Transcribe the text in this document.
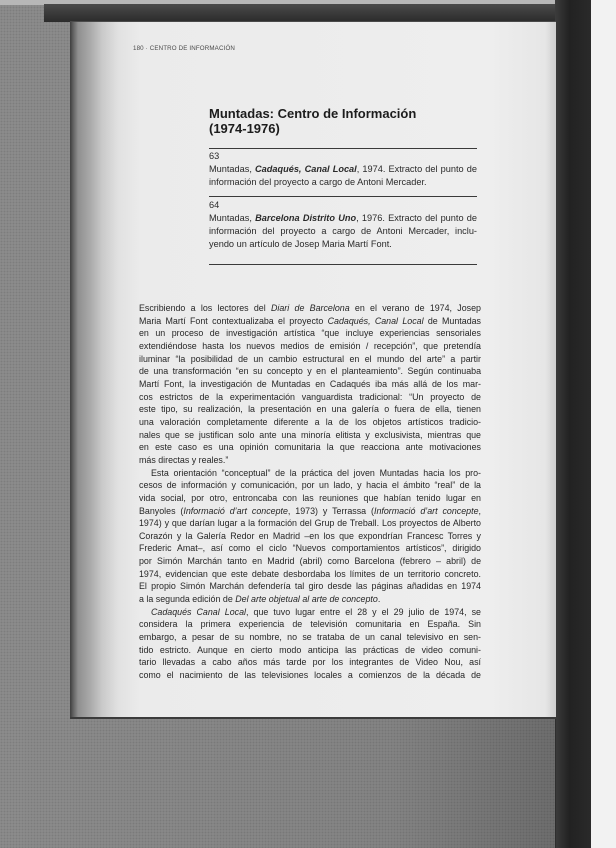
180 · CENTRO DE INFORMACIÓN
Muntadas: Centro de Información
(1974-1976)
63
Muntadas, Cadaqués, Canal Local, 1974. Extracto del punto de
información del proyecto a cargo de Antoni Mercader.
64
Muntadas, Barcelona Distrito Uno, 1976. Extracto del punto de
información del proyecto a cargo de Antoni Mercader, inclu-
yendo un artículo de Josep Maria Martí Font.
Escribiendo a los lectores del Diari de Barcelona en el verano de 1974, Josep
Maria Martí Font contextualizaba el proyecto Cadaqués, Canal Local de Muntadas
en un proceso de investigación artística “que incluye experiencias sensoriales
extendiéndose hasta los nuevos medios de emisión / recepción”, que pretendía
iluminar “la posibilidad de un cambio estructural en el mundo del arte” a partir
de una transformación “en su concepto y en el planteamiento”. Según continuaba
Martí Font, la investigación de Muntadas en Cadaqués iba más allá de los mar-
cos estrictos de la experimentación vanguardista tradicional: “Un proyecto de
este tipo, su realización, la presentación en una galería o fuera de ella, tienen
una valoración completamente diferente a la de los objetos artísticos tradicio-
nales que se justifican solo ante una minoría elitista y exclusivista, mientras que
en este caso es una opinión comunitaria la que reacciona ante motivaciones
más directas y reales.”
Esta orientación “conceptual” de la práctica del joven Muntadas hacia los pro-
cesos de información y comunicación, por un lado, y hacia el ámbito “real” de la
vida social, por otro, entroncaba con las reuniones que habían tenido lugar en
Banyoles (Informació d’art concepte, 1973) y Terrassa (Informació d’art concepte,
1974) y que darían lugar a la formación del Grup de Treball. Los proyectos de Alberto
Corazón y la Galería Redor en Madrid –en los que expondrían Francesc Torres y
Frederic Amat–, así como el ciclo “Nuevos comportamientos artísticos”, dirigido
por Simón Marchán tanto en Madrid (abril) como Barcelona (febrero – abril) de
1974, evidencian que este debate desbordaba los límites de un territorio concreto.
El propio Simón Marchán defendería tal giro desde las páginas añadidas en 1974
a la segunda edición de Del arte objetual al arte de concepto.
Cadaqués Canal Local, que tuvo lugar entre el 28 y el 29 julio de 1974, se
considera la primera experiencia de televisión comunitaria en España. Sin
embargo, a pesar de su nombre, no se trataba de un canal televisivo en sen-
tido estricto. Aunque en cierto modo anticipa las prácticas de video comuni-
tario llevadas a cabo años más tarde por los integrantes de Video Nou, así
como el nacimiento de las televisiones locales a comienzos de la década de
